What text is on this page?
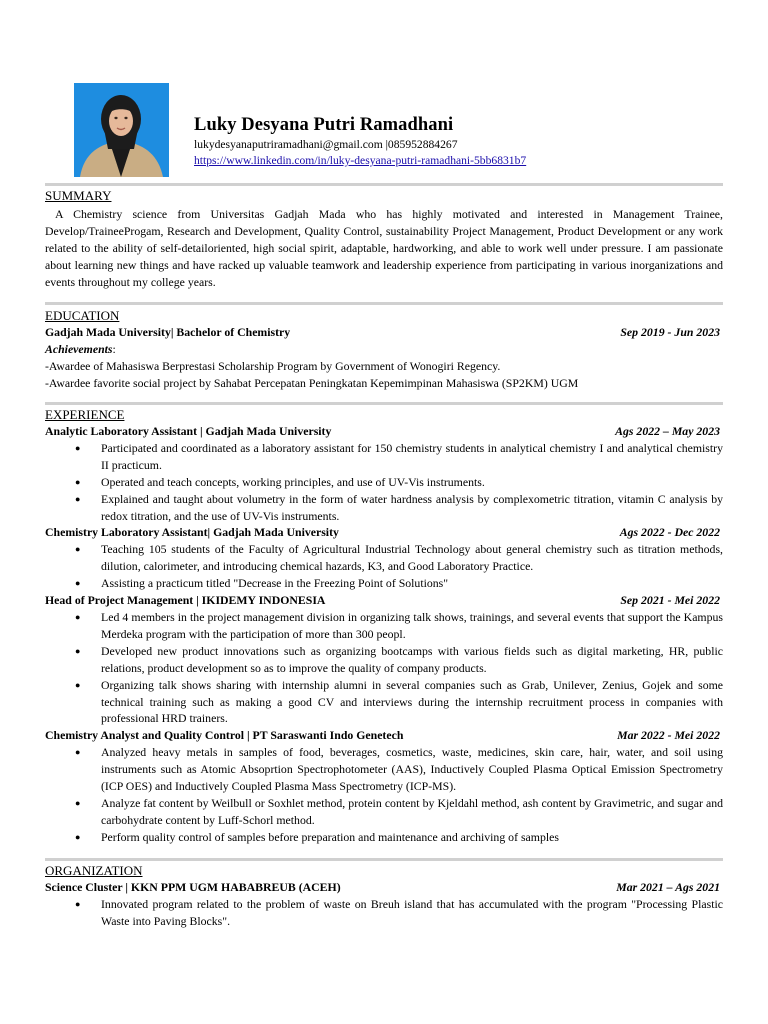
Luky Desyana Putri Ramadhani
lukydesyanaputriramadhani@gmail.com |085952884267
https://www.linkedin.com/in/luky-desyana-putri-ramadhani-5bb6831b7
SUMMARY
A Chemistry science from Universitas Gadjah Mada who has highly motivated and interested in Management Trainee, Develop/TraineeProgam, Research and Development, Quality Control, sustainability Project Management, Product Development or any work related to the ability of self-detailoriented, high social spirit, adaptable, hardworking, and able to work well under pressure. I am passionate about learning new things and have racked up valuable teamwork and leadership experience from participating in various inorganizations and events throughout my college years.
EDUCATION
Gadjah Mada University| Bachelor of Chemistry	Sep 2019 - Jun 2023
Achievements:
-Awardee of Mahasiswa Berprestasi Scholarship Program by Government of Wonogiri Regency.
-Awardee favorite social project by Sahabat Percepatan Peningkatan Kepemimpinan Mahasiswa (SP2KM) UGM
EXPERIENCE
Analytic Laboratory Assistant | Gadjah Mada University	Ags 2022 – May 2023
● Participated and coordinated as a laboratory assistant for 150 chemistry students in analytical chemistry I and analytical chemistry II practicum.
● Operated and teach concepts, working principles, and use of UV-Vis instruments.
● Explained and taught about volumetry in the form of water hardness analysis by complexometric titration, vitamin C analysis by redox titration, and the use of UV-Vis instruments.
Chemistry Laboratory Assistant| Gadjah Mada University	Ags 2022 - Dec 2022
● Teaching 105 students of the Faculty of Agricultural Industrial Technology about general chemistry such as titration methods, dilution, calorimeter, and introducing chemical hazards, K3, and Good Laboratory Practice.
● Assisting a practicum titled "Decrease in the Freezing Point of Solutions"
Head of Project Management | IKIDEMY INDONESIA	Sep 2021 - Mei 2022
● Led 4 members in the project management division in organizing talk shows, trainings, and several events that support the Kampus Merdeka program with the participation of more than 300 peopl.
● Developed new product innovations such as organizing bootcamps with various fields such as digital marketing, HR, public relations, product development so as to improve the quality of company products.
● Organizing talk shows sharing with internship alumni in several companies such as Grab, Unilever, Zenius, Gojek and some technical training such as making a good CV and interviews during the internship recruitment process in companies with professional HRD trainers.
Chemistry Analyst and Quality Control | PT Saraswanti Indo Genetech	Mar 2022 - Mei 2022
● Analyzed heavy metals in samples of food, beverages, cosmetics, waste, medicines, skin care, hair, water, and soil using instruments such as Atomic Absoprtion Spectrophotometer (AAS), Inductively Coupled Plasma Optical Emission Spectrometry (ICP OES) and Inductively Coupled Plasma Mass Spectrometry (ICP-MS).
● Analyze fat content by Weilbull or Soxhlet method, protein content by Kjeldahl method, ash content by Gravimetric, and sugar and carbohydrate content by Luff-Schorl method.
● Perform quality control of samples before preparation and maintenance and archiving of samples
ORGANIZATION
Science Cluster | KKN PPM UGM HABABREUB (ACEH)	Mar 2021 – Ags 2021
● Innovated program related to the problem of waste on Breuh island that has accumulated with the program "Processing Plastic Waste into Paving Blocks".
